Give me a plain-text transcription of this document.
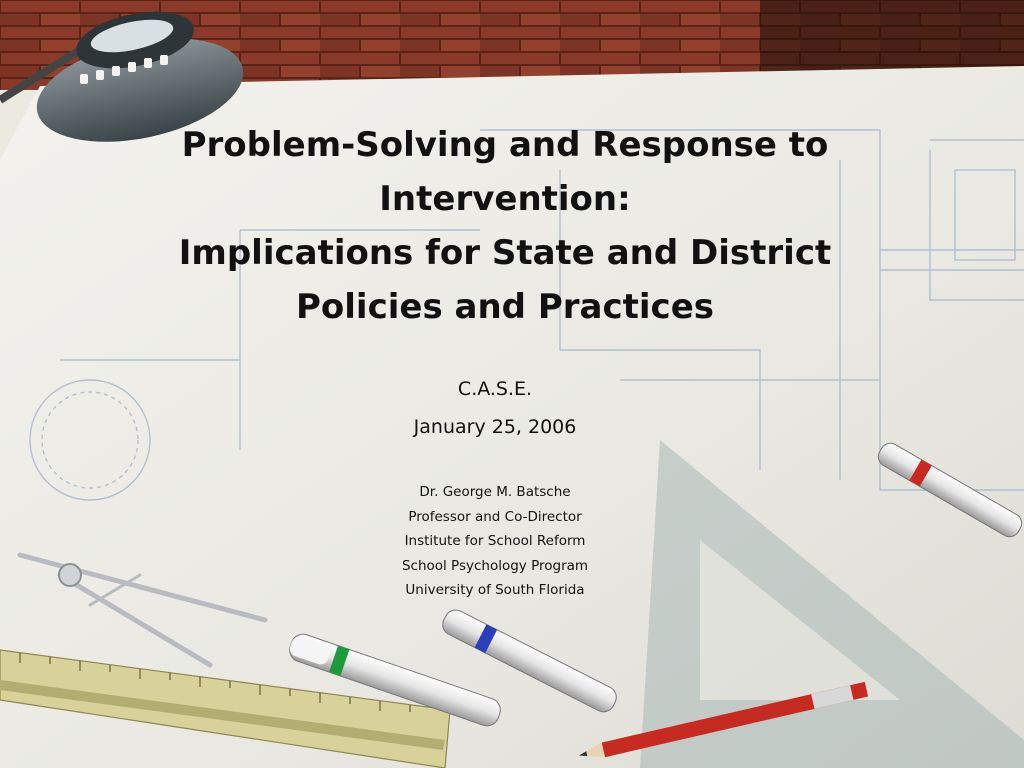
Problem-Solving and Response to
Intervention:
Implications for State and District
Policies and Practices
C.A.S.E.
January 25, 2006
Dr. George M. Batsche
Professor and Co-Director
Institute for School Reform
School Psychology Program
University of South Florida
